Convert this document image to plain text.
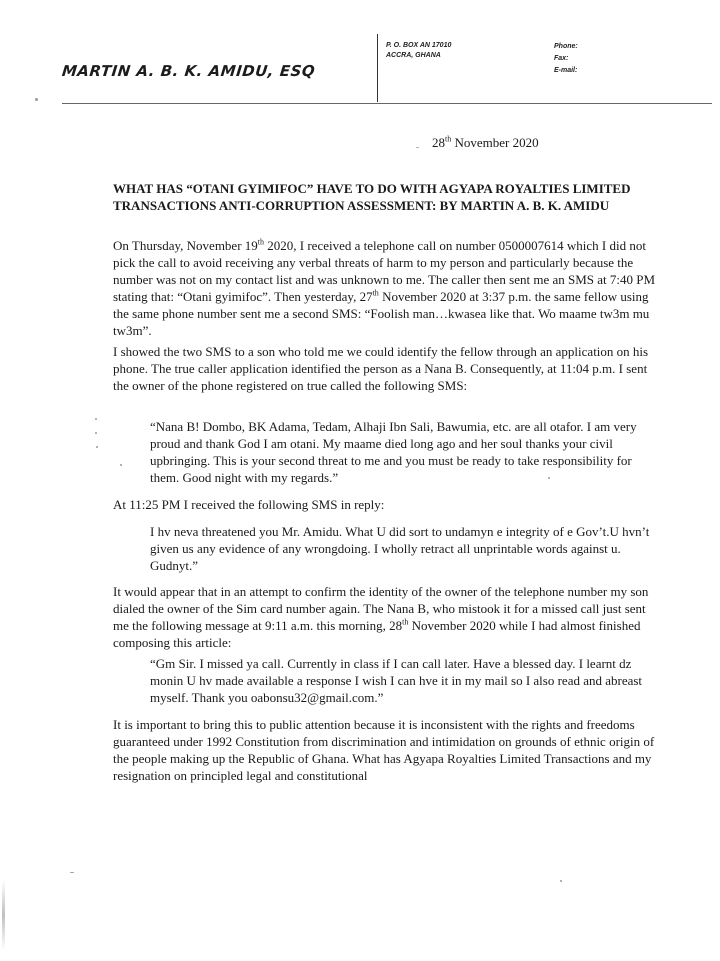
MARTIN A. B. K. AMIDU, ESQ
P. O. BOX AN 17010
ACCRA, GHANA
Phone:
Fax:
E-mail:
28th November 2020
WHAT HAS “OTANI GYIMIFOC” HAVE TO DO WITH AGYAPA ROYALTIES LIMITED TRANSACTIONS ANTI-CORRUPTION ASSESSMENT: BY MARTIN A. B. K. AMIDU
On Thursday, November 19th 2020, I received a telephone call on number 0500007614 which I did not pick the call to avoid receiving any verbal threats of harm to my person and particularly because the number was not on my contact list and was unknown to me. The caller then sent me an SMS at 7:40 PM stating that: “Otani gyimifoc”. Then yesterday, 27th November 2020 at 3:37 p.m. the same fellow using the same phone number sent me a second SMS: “Foolish man…kwasea like that. Wo maame tw3m mu tw3m”.
I showed the two SMS to a son who told me we could identify the fellow through an application on his phone. The true caller application identified the person as a Nana B. Consequently, at 11:04 p.m. I sent the owner of the phone registered on true called the following SMS:
“Nana B! Dombo, BK Adama, Tedam, Alhaji Ibn Sali, Bawumia, etc. are all otafor. I am very proud and thank God I am otani. My maame died long ago and her soul thanks your civil upbringing. This is your second threat to me and you must be ready to take responsibility for them. Good night with my regards.”
At 11:25 PM I received the following SMS in reply:
I hv neva threatened you Mr. Amidu. What U did sort to undamyn e integrity of e Gov’t.U hvn’t given us any evidence of any wrongdoing. I wholly retract all unprintable words against u. Gudnyt.”
It would appear that in an attempt to confirm the identity of the owner of the telephone number my son dialed the owner of the Sim card number again. The Nana B, who mistook it for a missed call just sent me the following message at 9:11 a.m. this morning, 28th November 2020 while I had almost finished composing this article:
“Gm Sir. I missed ya call. Currently in class if I can call later. Have a blessed day. I learnt dz monin U hv made available a response I wish I can hve it in my mail so I also read and abreast myself. Thank you oabonsu32@gmail.com.”
It is important to bring this to public attention because it is inconsistent with the rights and freedoms guaranteed under 1992 Constitution from discrimination and intimidation on grounds of ethnic origin of the people making up the Republic of Ghana. What has Agyapa Royalties Limited Transactions and my resignation on principled legal and constitutional
